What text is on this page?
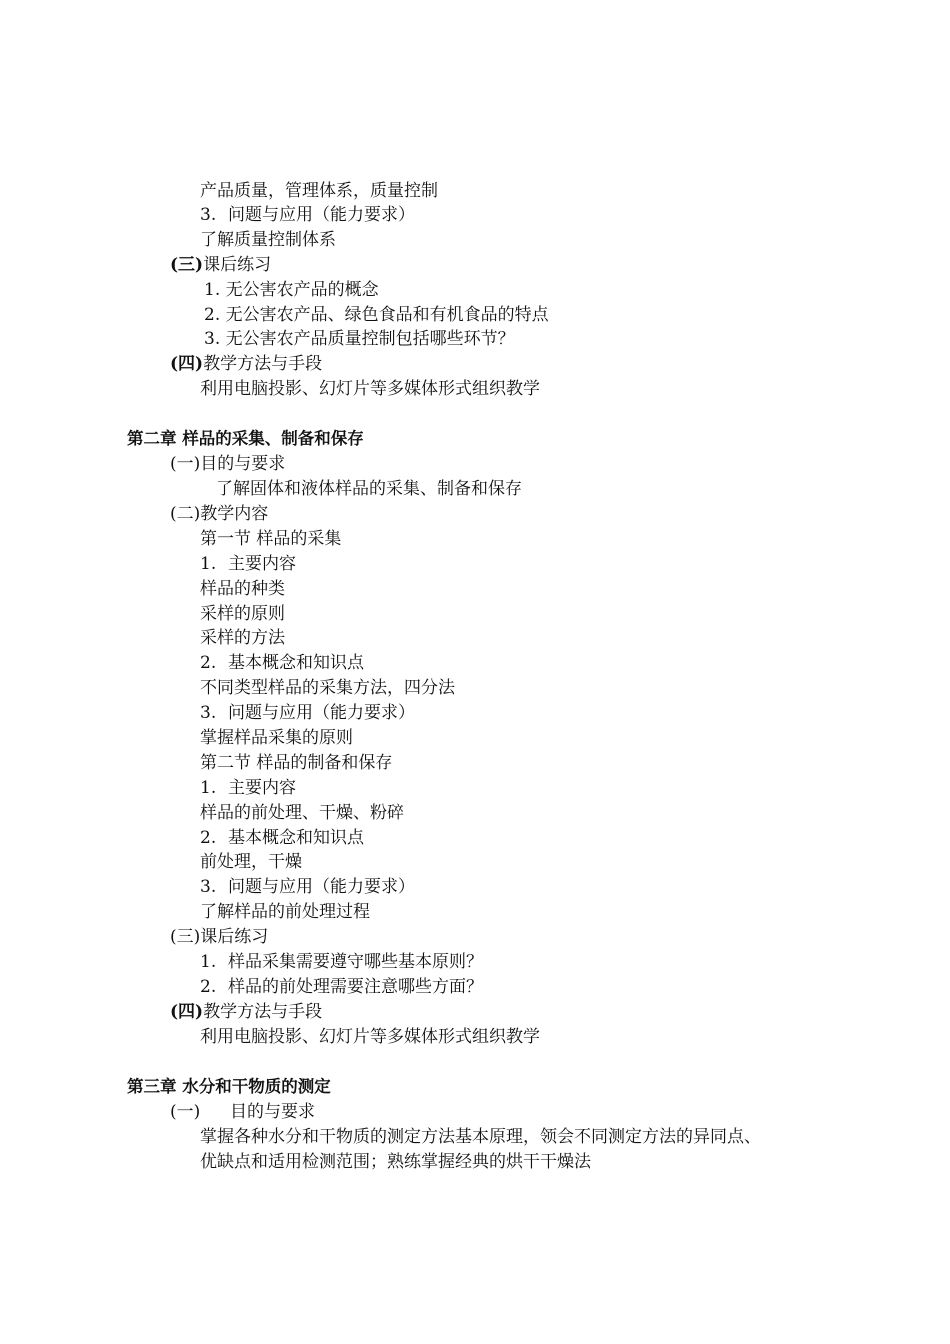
产品质量，管理体系，质量控制
3. 问题与应用（能力要求）
了解质量控制体系
(三)课后练习
1. 无公害农产品的概念
2. 无公害农产品、绿色食品和有机食品的特点
3. 无公害农产品质量控制包括哪些环节？
(四)教学方法与手段
利用电脑投影、幻灯片等多媒体形式组织教学
第二章 样品的采集、制备和保存
(一)目的与要求
了解固体和液体样品的采集、制备和保存
(二)教学内容
第一节 样品的采集
1. 主要内容
样品的种类
采样的原则
采样的方法
2. 基本概念和知识点
不同类型样品的采集方法，四分法
3. 问题与应用（能力要求）
掌握样品采集的原则
第二节 样品的制备和保存
1. 主要内容
样品的前处理、干燥、粉碎
2. 基本概念和知识点
前处理，干燥
3. 问题与应用（能力要求）
了解样品的前处理过程
(三)课后练习
1. 样品采集需要遵守哪些基本原则？
2. 样品的前处理需要注意哪些方面？
(四)教学方法与手段
利用电脑投影、幻灯片等多媒体形式组织教学
第三章 水分和干物质的测定
(一) 目的与要求
掌握各种水分和干物质的测定方法基本原理，领会不同测定方法的异同点、
优缺点和适用检测范围；熟练掌握经典的烘干干燥法
